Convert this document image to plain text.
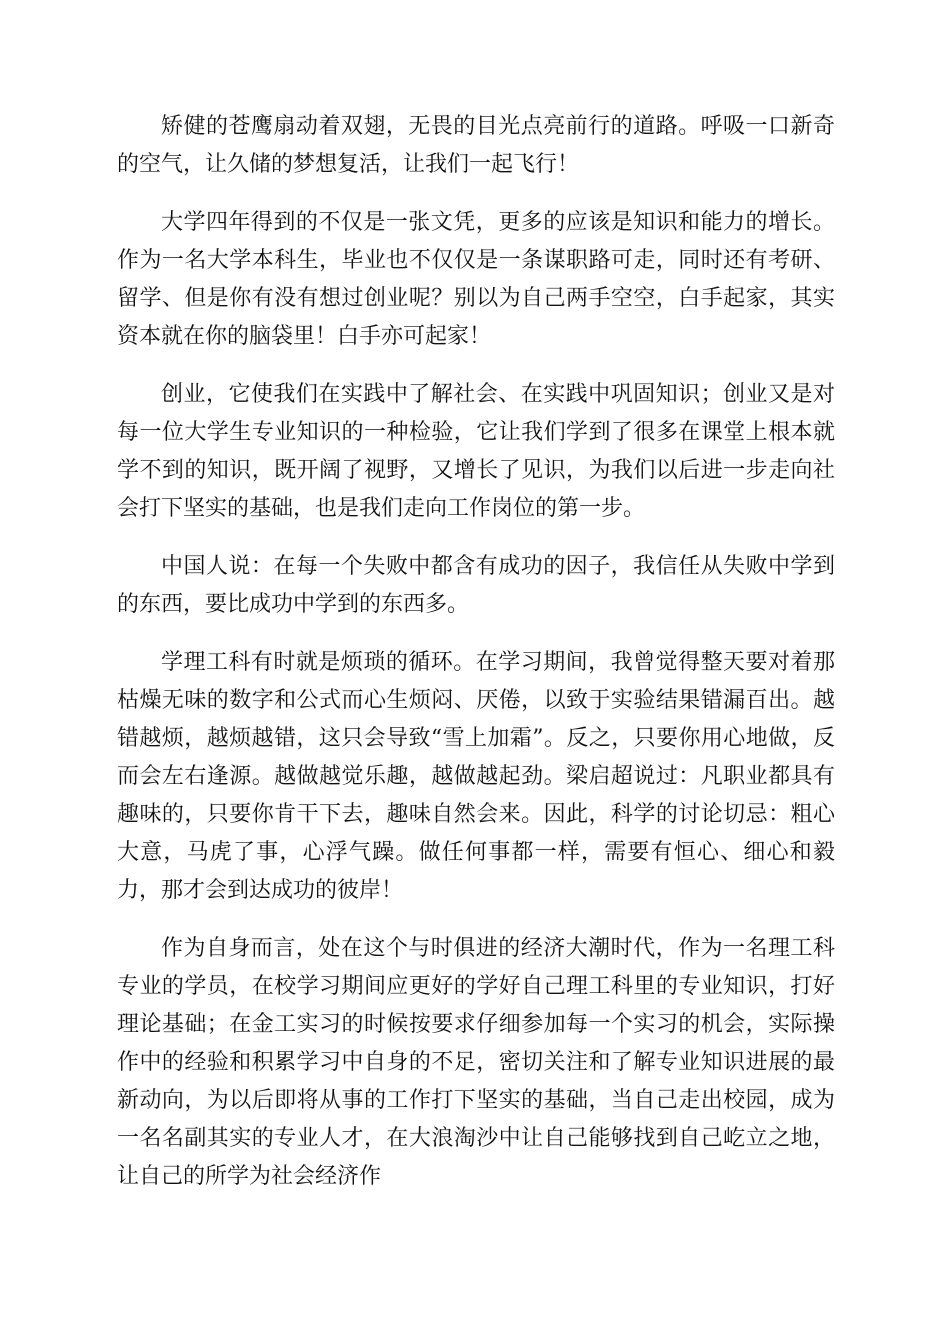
矫健的苍鹰扇动着双翅，无畏的目光点亮前行的道路。呼吸一口新奇的空气，让久储的梦想复活，让我们一起飞行！

大学四年得到的不仅是一张文凭，更多的应该是知识和能力的增长。作为一名大学本科生，毕业也不仅仅是一条谋职路可走，同时还有考研、留学、但是你有没有想过创业呢？别以为自己两手空空，白手起家，其实资本就在你的脑袋里！白手亦可起家！

创业，它使我们在实践中了解社会、在实践中巩固知识；创业又是对每一位大学生专业知识的一种检验，它让我们学到了很多在课堂上根本就学不到的知识，既开阔了视野，又增长了见识，为我们以后进一步走向社会打下坚实的基础，也是我们走向工作岗位的第一步。

中国人说：在每一个失败中都含有成功的因子，我信任从失败中学到的东西，要比成功中学到的东西多。

学理工科有时就是烦琐的循环。在学习期间，我曾觉得整天要对着那枯燥无味的数字和公式而心生烦闷、厌倦，以致于实验结果错漏百出。越错越烦，越烦越错，这只会导致“雪上加霜”。反之，只要你用心地做，反而会左右逢源。越做越觉乐趣，越做越起劲。梁启超说过：凡职业都具有趣味的，只要你肯干下去，趣味自然会来。因此，科学的讨论切忌：粗心大意，马虎了事，心浮气躁。做任何事都一样，需要有恒心、细心和毅力，那才会到达成功的彼岸！

作为自身而言，处在这个与时俱进的经济大潮时代，作为一名理工科专业的学员，在校学习期间应更好的学好自己理工科里的专业知识，打好理论基础；在金工实习的时候按要求仔细参加每一个实习的机会，实际操作中的经验和积累学习中自身的不足，密切关注和了解专业知识进展的最新动向，为以后即将从事的工作打下坚实的基础，当自己走出校园，成为一名名副其实的专业人才，在大浪淘沙中让自己能够找到自己屹立之地，让自己的所学为社会经济作
